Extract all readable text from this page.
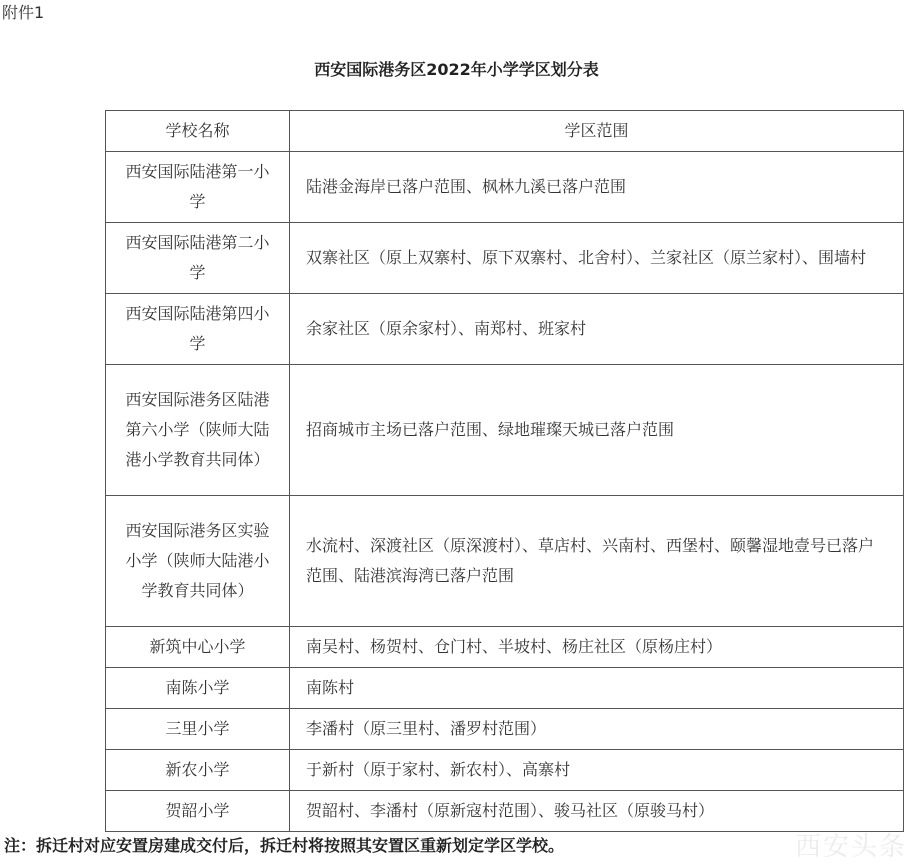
附件1
西安国际港务区2022年小学学区划分表
学校名称	学区范围
西安国际陆港第一小学	陆港金海岸已落户范围、枫林九溪已落户范围
西安国际陆港第二小学	双寨社区（原上双寨村、原下双寨村、北舍村）、兰家社区（原兰家村）、围墙村
西安国际陆港第四小学	余家社区（原余家村）、南郑村、班家村
西安国际港务区陆港第六小学（陕师大陆港小学教育共同体）	招商城市主场已落户范围、绿地璀璨天城已落户范围
西安国际港务区实验小学（陕师大陆港小学教育共同体）	水流村、深渡社区（原深渡村）、草店村、兴南村、西堡村、颐馨湿地壹号已落户范围、陆港滨海湾已落户范围
新筑中心小学	南吴村、杨贺村、仓门村、半坡村、杨庄社区（原杨庄村）
南陈小学	南陈村
三里小学	李潘村（原三里村、潘罗村范围）
新农小学	于新村（原于家村、新农村）、高寨村
贺韶小学	贺韶村、李潘村（原新寇村范围）、骏马社区（原骏马村）
注：拆迁村对应安置房建成交付后，拆迁村将按照其安置区重新划定学区学校。	西安头条
